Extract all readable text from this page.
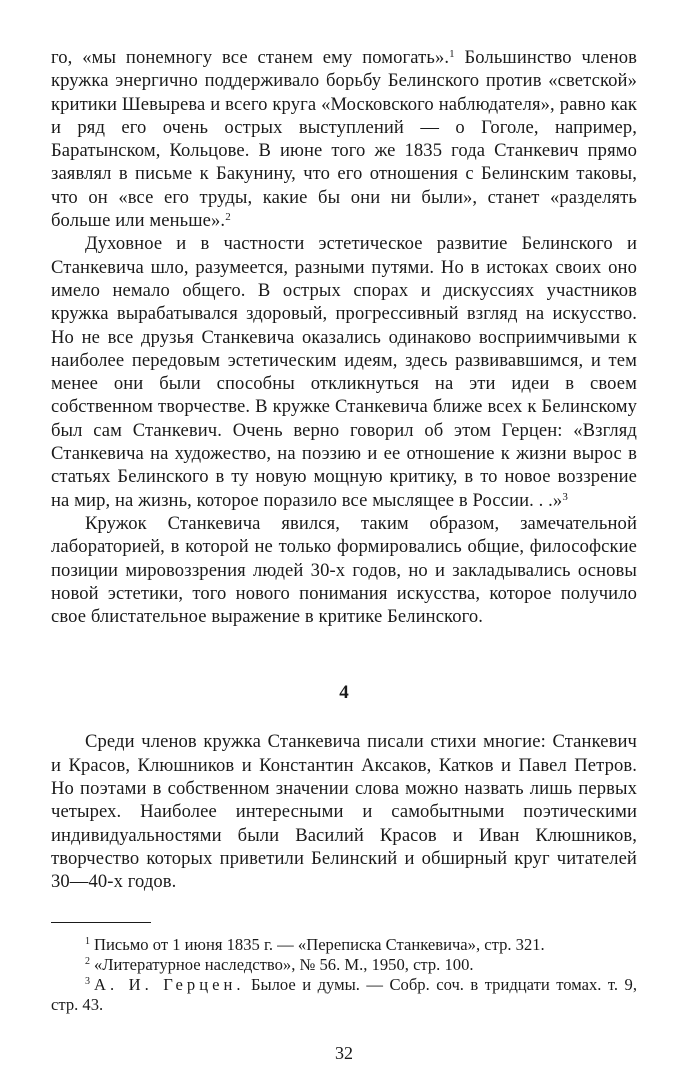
го, «мы понемногу все станем ему помогать».$^1$ Большинство членов кружка энергично поддерживало борьбу Белинского против «светской» критики Шевырева и всего круга «Московского наблюдателя», равно как и ряд его очень острых выступлений — о Гоголе, например, Баратынском, Кольцове. В июне того же 1835 года Станкевич прямо заявлял в письме к Бакунину, что его отношения с Белинским таковы, что он «все его труды, какие бы они ни были», станет «разделять больше или меньше».$^2$

Духовное и в частности эстетическое развитие Белинского и Станкевича шло, разумеется, разными путями. Но в истоках своих оно имело немало общего. В острых спорах и дискуссиях участников кружка вырабатывался здоровый, прогрессивный взгляд на искусство. Но не все друзья Станкевича оказались одинаково восприимчивыми к наиболее передовым эстетическим идеям, здесь развивавшимся, и тем менее они были способны откликнуться на эти идеи в своем собственном творчестве. В кружке Станкевича ближе всех к Белинскому был сам Станкевич. Очень верно говорил об этом Герцен: «Взгляд Станкевича на художество, на поэзию и ее отношение к жизни вырос в статьях Белинского в ту новую мощную критику, в то новое воззрение на мир, на жизнь, которое поразило все мыслящее в России. . .»$^3$

Кружок Станкевича явился, таким образом, замечательной лабораторией, в которой не только формировались общие, философские позиции мировоззрения людей 30-х годов, но и закладывались основы новой эстетики, того нового понимания искусства, которое получило свое блистательное выражение в критике Белинского.

4

Среди членов кружка Станкевича писали стихи многие: Станкевич и Красов, Клюшников и Константин Аксаков, Катков и Павел Петров. Но поэтами в собственном значении слова можно назвать лишь первых четырех. Наиболее интересными и самобытными поэтическими индивидуальностями были Василий Красов и Иван Клюшников, творчество которых приветили Белинский и обширный круг читателей 30—40-х годов.

$^1$ Письмо от 1 июня 1835 г. — «Переписка Станкевича», стр. 321.

$^2$ «Литературное наследство», № 56. М., 1950, стр. 100.

$^3$ А. И. Герцен. Былое и думы. — Собр. соч. в тридцати томах. т. 9, стр. 43.

32
